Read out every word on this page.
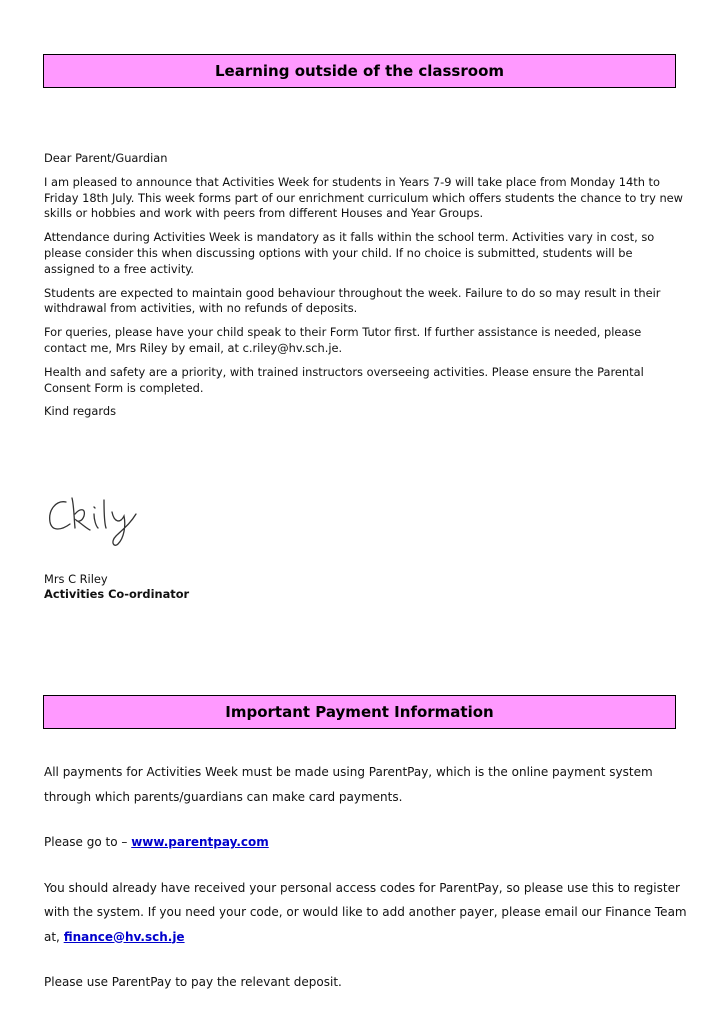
Learning outside of the classroom

Dear Parent/Guardian

I am pleased to announce that Activities Week for students in Years 7-9 will take place from Monday 14th to Friday 18th July. This week forms part of our enrichment curriculum which offers students the chance to try new skills or hobbies and work with peers from different Houses and Year Groups.

Attendance during Activities Week is mandatory as it falls within the school term. Activities vary in cost, so please consider this when discussing options with your child. If no choice is submitted, students will be assigned to a free activity.

Students are expected to maintain good behaviour throughout the week. Failure to do so may result in their withdrawal from activities, with no refunds of deposits.

For queries, please have your child speak to their Form Tutor first. If further assistance is needed, please contact me, Mrs Riley by email, at c.riley@hv.sch.je.

Health and safety are a priority, with trained instructors overseeing activities. Please ensure the Parental Consent Form is completed.

Kind regards

Mrs C Riley
Activities Co-ordinator
Important Payment Information

All payments for Activities Week must be made using ParentPay, which is the online payment system through which parents/guardians can make card payments.

Please go to – www.parentpay.com

You should already have received your personal access codes for ParentPay, so please use this to register with the system. If you need your code, or would like to add another payer, please email our Finance Team at, finance@hv.sch.je

Please use ParentPay to pay the relevant deposit.
